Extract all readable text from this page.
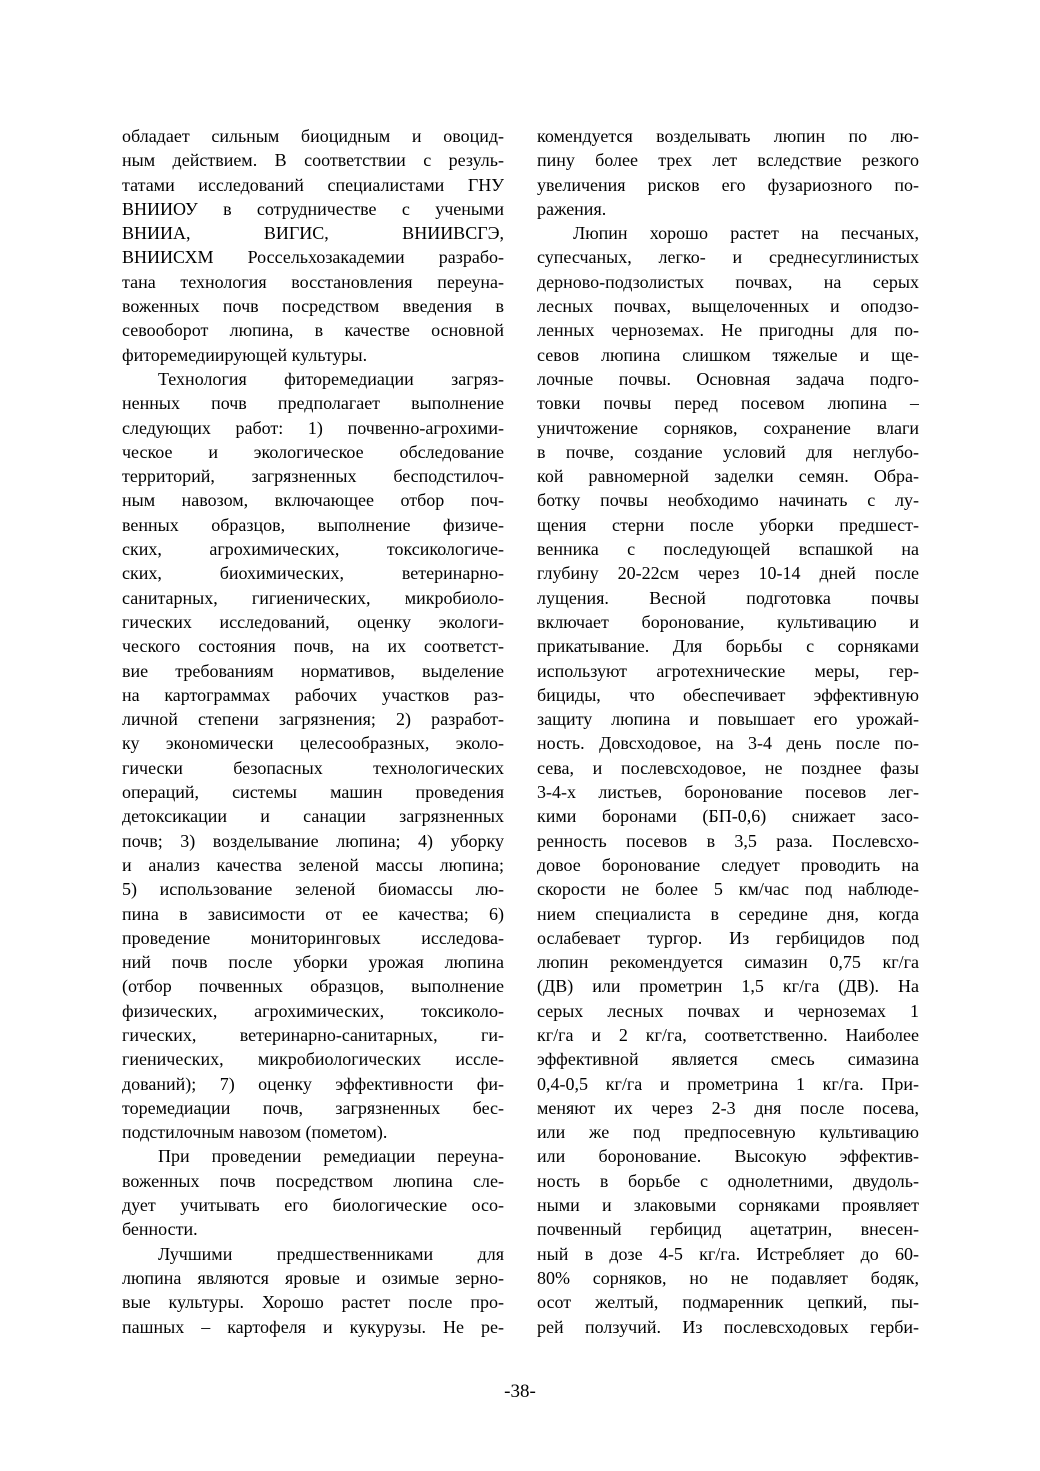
обладает сильным биоцидным и овоцид-
ным действием. В соответствии с резуль-
татами исследований специалистами ГНУ
ВНИИОУ в сотрудничестве с учеными
ВНИИА, ВИГИС, ВНИИВСГЭ,
ВНИИСХМ Россельхозакадемии разрабо-
тана технология восстановления переуна-
воженных почв посредством введения в
севооборот люпина, в качестве основной
фиторемедиирующей культуры.
Технология фиторемедиации загряз-
ненных почв предполагает выполнение
следующих работ: 1) почвенно-агрохими-
ческое и экологическое обследование
территорий, загрязненных бесподстилоч-
ным навозом, включающее отбор поч-
венных образцов, выполнение физиче-
ских, агрохимических, токсикологиче-
ских, биохимических, ветеринарно-
санитарных, гигиенических, микробиоло-
гических исследований, оценку экологи-
ческого состояния почв, на их соответст-
вие требованиям нормативов, выделение
на картограммах рабочих участков раз-
личной степени загрязнения; 2) разработ-
ку экономически целесообразных, эколо-
гически безопасных технологических
операций, системы машин проведения
детоксикации и санации загрязненных
почв; 3) возделывание люпина; 4) уборку
и анализ качества зеленой массы люпина;
5) использование зеленой биомассы лю-
пина в зависимости от ее качества; 6)
проведение мониторинговых исследова-
ний почв после уборки урожая люпина
(отбор почвенных образцов, выполнение
физических, агрохимических, токсиколо-
гических, ветеринарно-санитарных, ги-
гиенических, микробиологических иссле-
дований); 7) оценку эффективности фи-
торемедиации почв, загрязненных бес-
подстилочным навозом (пометом).
При проведении ремедиации переуна-
воженных почв посредством люпина сле-
дует учитывать его биологические осо-
бенности.
Лучшими предшественниками для
люпина являются яровые и озимые зерно-
вые культуры. Хорошо растет после про-
пашных – картофеля и кукурузы. Не ре-
комендуется возделывать люпин по лю-
пину более трех лет вследствие резкого
увеличения рисков его фузариозного по-
ражения.
Люпин хорошо растет на песчаных,
супесчаных, легко- и среднесуглинистых
дерново-подзолистых почвах, на серых
лесных почвах, выщелоченных и оподзо-
ленных черноземах. Не пригодны для по-
севов люпина слишком тяжелые и ще-
лочные почвы. Основная задача подго-
товки почвы перед посевом люпина –
уничтожение сорняков, сохранение влаги
в почве, создание условий для неглубо-
кой равномерной заделки семян. Обра-
ботку почвы необходимо начинать с лу-
щения стерни после уборки предшест-
венника с последующей вспашкой на
глубину 20-22см через 10-14 дней после
лущения. Весной подготовка почвы
включает боронование, культивацию и
прикатывание. Для борьбы с сорняками
используют агротехнические меры, гер-
бициды, что обеспечивает эффективную
защиту люпина и повышает его урожай-
ность. Довсходовое, на 3-4 день после по-
сева, и послевсходовое, не позднее фазы
3-4-х листьев, боронование посевов лег-
кими боронами (БП-0,6) снижает засо-
ренность посевов в 3,5 раза. Послевсхо-
довое боронование следует проводить на
скорости не более 5 км/час под наблюде-
нием специалиста в середине дня, когда
ослабевает тургор. Из гербицидов под
люпин рекомендуется симазин 0,75 кг/га
(ДВ) или прометрин 1,5 кг/га (ДВ). На
серых лесных почвах и черноземах 1
кг/га и 2 кг/га, соответственно. Наиболее
эффективной является смесь симазина
0,4-0,5 кг/га и прометрина 1 кг/га. При-
меняют их через 2-3 дня после посева,
или же под предпосевную культивацию
или боронование. Высокую эффектив-
ность в борьбе с однолетними, двудоль-
ными и злаковыми сорняками проявляет
почвенный гербицид ацетатрин, внесен-
ный в дозе 4-5 кг/га. Истребляет до 60-
80% сорняков, но не подавляет бодяк,
осот желтый, подмаренник цепкий, пы-
рей ползучий. Из послевсходовых герби-
-38-
